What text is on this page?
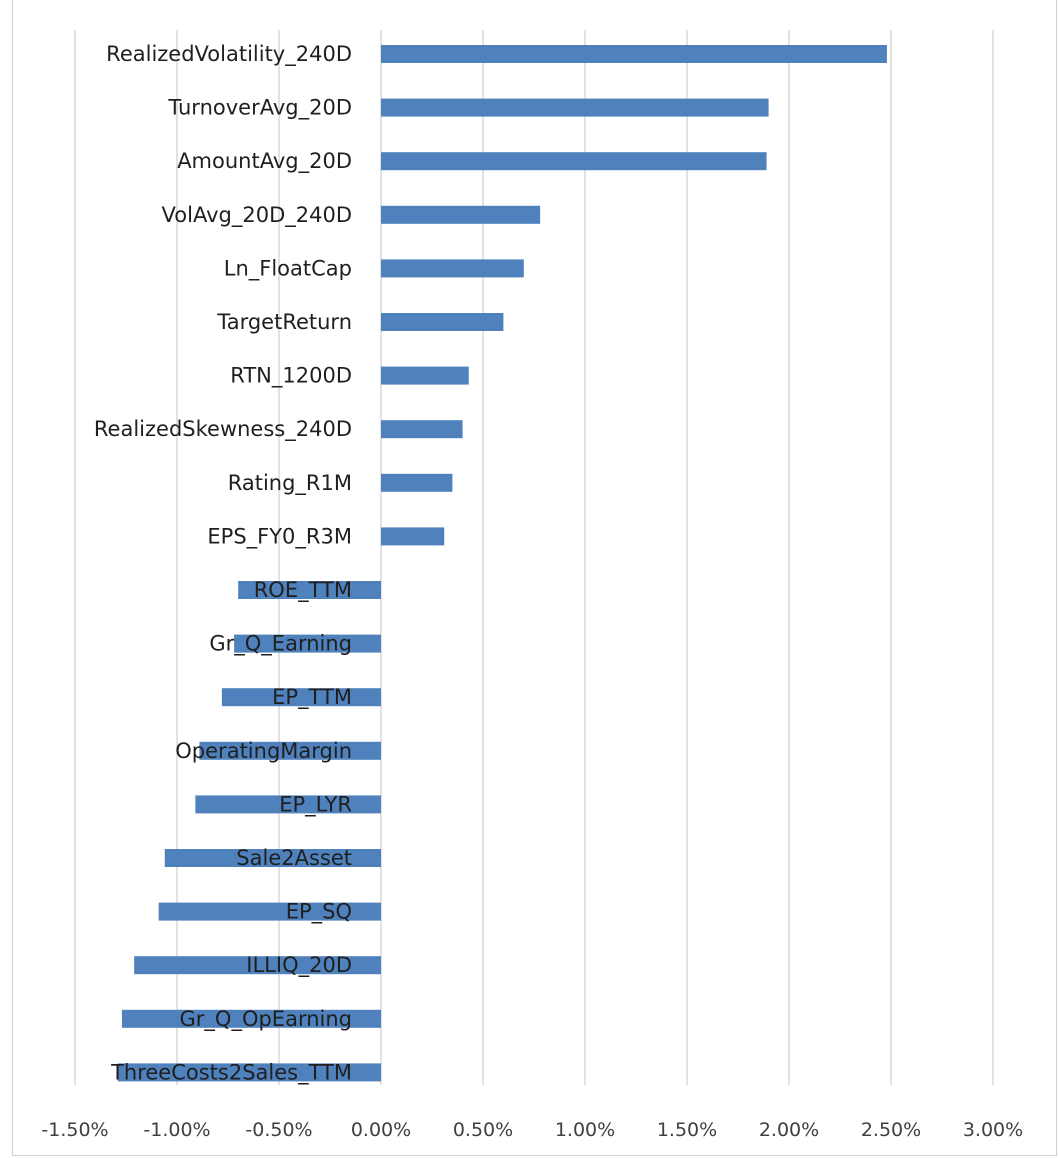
RealizedVolatility_240D
TurnoverAvg_20D
AmountAvg_20D
VolAvg_20D_240D
Ln_FloatCap
TargetReturn
RTN_1200D
RealizedSkewness_240D
Rating_R1M
EPS_FY0_R3M
ROE_TTM
Gr_Q_Earning
EP_TTM
OperatingMargin
EP_LYR
Sale2Asset
EP_SQ
ILLIQ_20D
Gr_Q_OpEarning
ThreeCosts2Sales_TTM
-1.50% -1.00% -0.50% 0.00% 0.50% 1.00% 1.50% 2.00% 2.50% 3.00%
